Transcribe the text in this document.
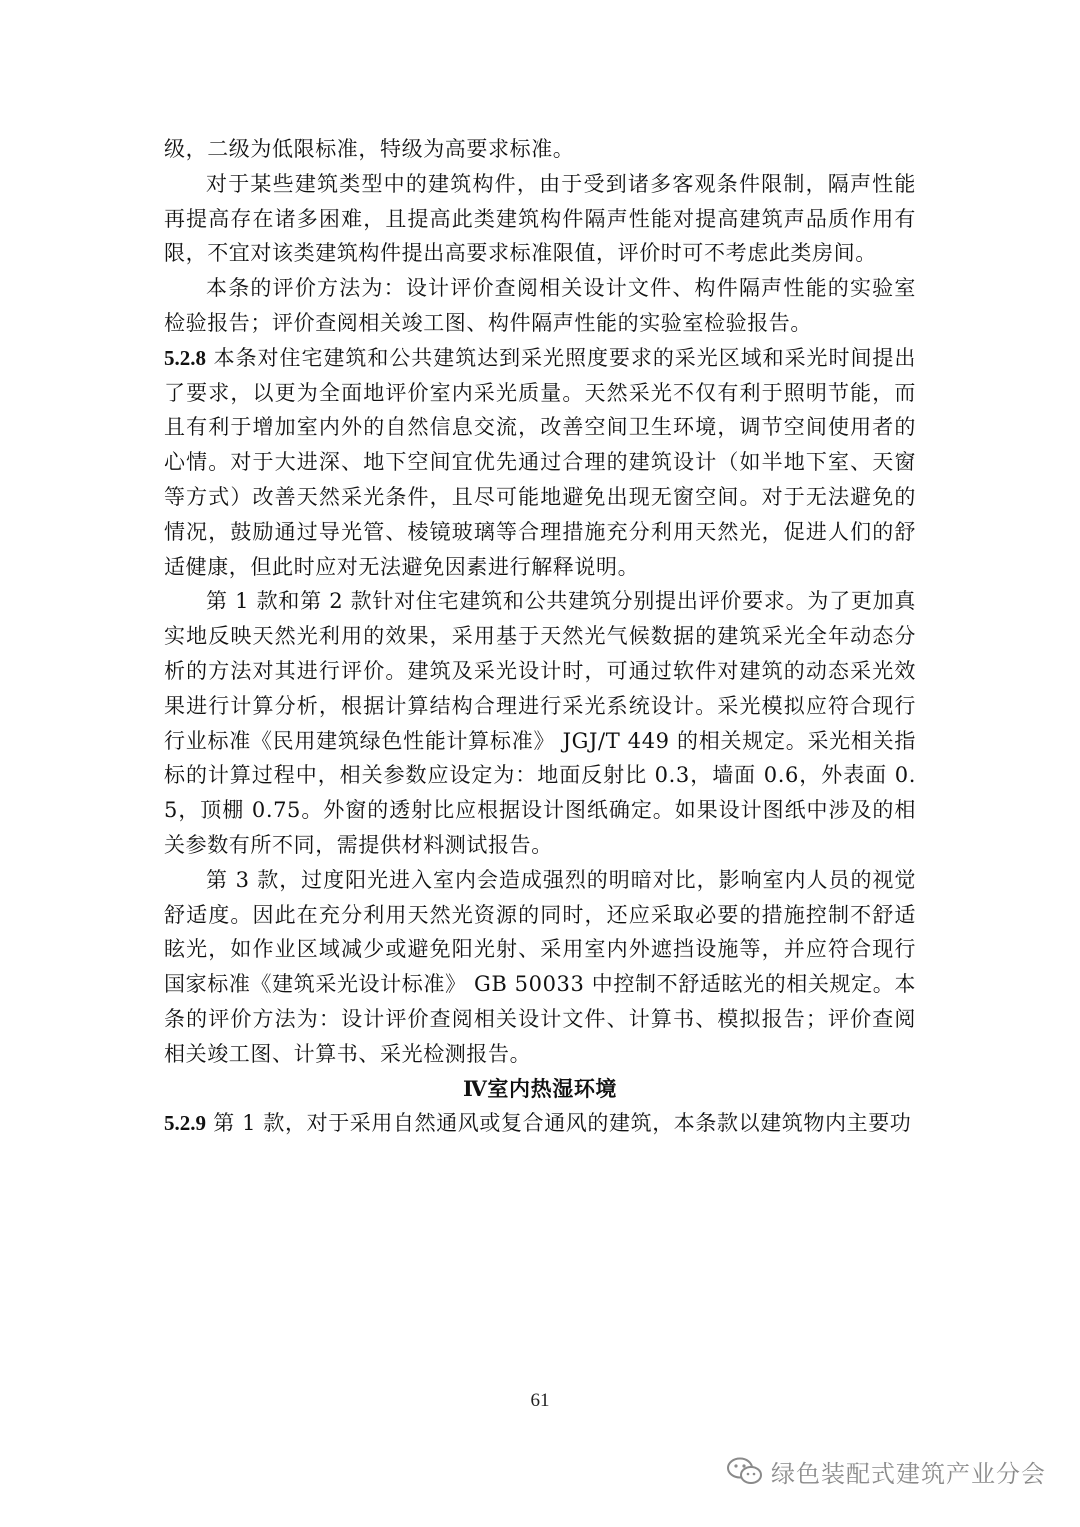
级，二级为低限标准，特级为高要求标准。

对于某些建筑类型中的建筑构件，由于受到诸多客观条件限制，隔声性能再提高存在诸多困难，且提高此类建筑构件隔声性能对提高建筑声品质作用有限，不宜对该类建筑构件提出高要求标准限值，评价时可不考虑此类房间。

本条的评价方法为：设计评价查阅相关设计文件、构件隔声性能的实验室检验报告；评价查阅相关竣工图、构件隔声性能的实验室检验报告。

5.2.8 本条对住宅建筑和公共建筑达到采光照度要求的采光区域和采光时间提出了要求，以更为全面地评价室内采光质量。天然采光不仅有利于照明节能，而且有利于增加室内外的自然信息交流，改善空间卫生环境，调节空间使用者的心情。对于大进深、地下空间宜优先通过合理的建筑设计（如半地下室、天窗等方式）改善天然采光条件，且尽可能地避免出现无窗空间。对于无法避免的情况，鼓励通过导光管、棱镜玻璃等合理措施充分利用天然光，促进人们的舒适健康，但此时应对无法避免因素进行解释说明。

第 1 款和第 2 款针对住宅建筑和公共建筑分别提出评价要求。为了更加真实地反映天然光利用的效果，采用基于天然光气候数据的建筑采光全年动态分析的方法对其进行评价。建筑及采光设计时，可通过软件对建筑的动态采光效果进行计算分析，根据计算结构合理进行采光系统设计。采光模拟应符合现行行业标准《民用建筑绿色性能计算标准》 JGJ/T 449 的相关规定。采光相关指标的计算过程中，相关参数应设定为：地面反射比 0.3，墙面 0.6，外表面 0.5，顶棚 0.75。外窗的透射比应根据设计图纸确定。如果设计图纸中涉及的相关参数有所不同，需提供材料测试报告。

第 3 款，过度阳光进入室内会造成强烈的明暗对比，影响室内人员的视觉舒适度。因此在充分利用天然光资源的同时，还应采取必要的措施控制不舒适眩光，如作业区域减少或避免阳光射、采用室内外遮挡设施等，并应符合现行国家标准《建筑采光设计标准》 GB 50033 中控制不舒适眩光的相关规定。本条的评价方法为：设计评价查阅相关设计文件、计算书、模拟报告；评价查阅相关竣工图、计算书、采光检测报告。

Ⅳ室内热湿环境

5.2.9 第 1 款，对于采用自然通风或复合通风的建筑，本条款以建筑物内主要功

61
绿色装配式建筑产业分会
